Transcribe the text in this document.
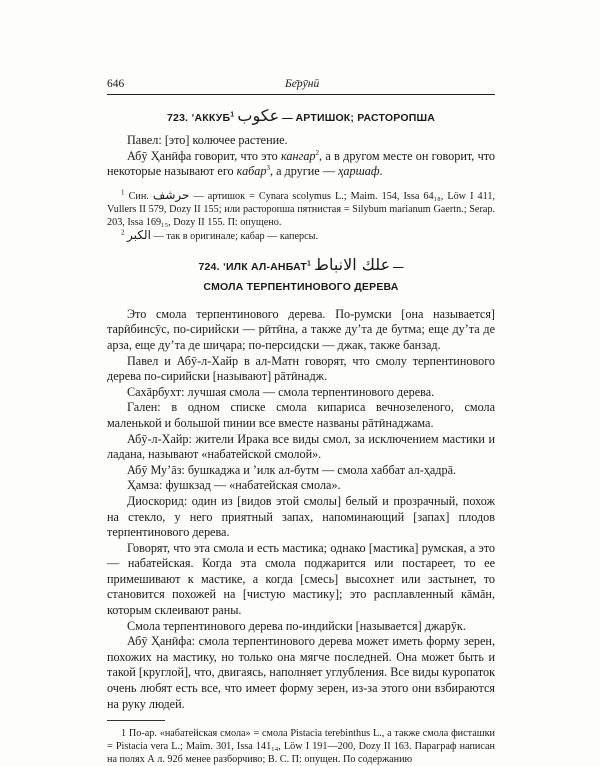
646	Бе̄рӯнӣ
723. ʼАККУБ$^1$ عكوب — АРТИШОК; РАСТОРОПША

Павел: [это] колючее растение.

Абӯ Ҳанӣфа говорит, что это кангар$^2$, а в другом месте он говорит, что некоторые называют его кабар$^3$, а другие — ҳаршаф.

$^1$ Син. حرشف — артишок = Cynara scolymus L.; Maim. 154, Issa 64₁₈, Löw I 411, Vullers II 579, Dozy II 155; или расторопша пятнистая = Silybum marianum Gaertn.; Serap. 203, Issa 169₁₅, Dozy II 155. П: опущено.

$^2$ الكبر — так в оригинале; кабар — каперсы.

724. ʼИЛК АЛ-АНБАТ$^1$ علك الانباط —
СМОЛА ТЕРПЕНТИНОВОГО ДЕРЕВА

Это смола терпентинового дерева. По-румски [она называется] тарӣбинсӯс, по-сирийски — рӣтӣна, а также дуʼта де бутма; еще дуʼта де арза, еще дуʼта де шиҷара; по-персидски — джак, также банзад.

Павел и Абӯ-л-Хайр в ал-Матн говорят, что смолу терпентинового дерева по-сирийски [называют] рāтӣнадж.

Сахāрбухт: лучшая смола — смола терпентинового дерева.

Гален: в одном списке смола кипариса вечнозеленого, смола маленькой и большой пинии все вместе названы рāтӣнаджама.

Абӯ-л-Хайр: жители Ирака все виды смол, за исключением мастики и ладана, называют «набатейской смолой».

Абӯ Муʼāз: бушкаджа и ʼилк ал-бутм — смола хаббат ал-ҳадрā.

Ҳамза: фушкзад — «набатейская смола».

Диоскорид: один из [видов этой смолы] белый и прозрачный, похож на стекло, у него приятный запах, напоминающий [запах] плодов терпентинового дерева.

Говорят, что эта смола и есть мастика; однако [мастика] румская, а это — набатейская. Когда эта смола поджарится или постареет, то ее примешивают к мастике, а когда [смесь] высохнет или застынет, то становится похожей на [чистую мастику]; это расплавленный кāмāн, которым склеивают раны.

Смола терпентинового дерева по-индийски [называется] джарӯк.

Абӯ Ҳанӣфа: смола терпентинового дерева может иметь форму зерен, похожих на мастику, но только она мягче последней. Она может быть и такой [круглой], что, двигаясь, наполняет углубления. Все виды куропаток очень любят есть все, что имеет форму зерен, из-за этого они взбираются на руку людей.

1 По-ар. «набатейская смола» = смола Pistacia terebinthus L., а также смола фисташки = Pistacia vera L.; Maim. 301, Issa 141₁₄, Löw I 191—200, Dozy II 163. Параграф написан на полях А л. 92б менее разборчиво; В. С. П: опущен. По содержанию
